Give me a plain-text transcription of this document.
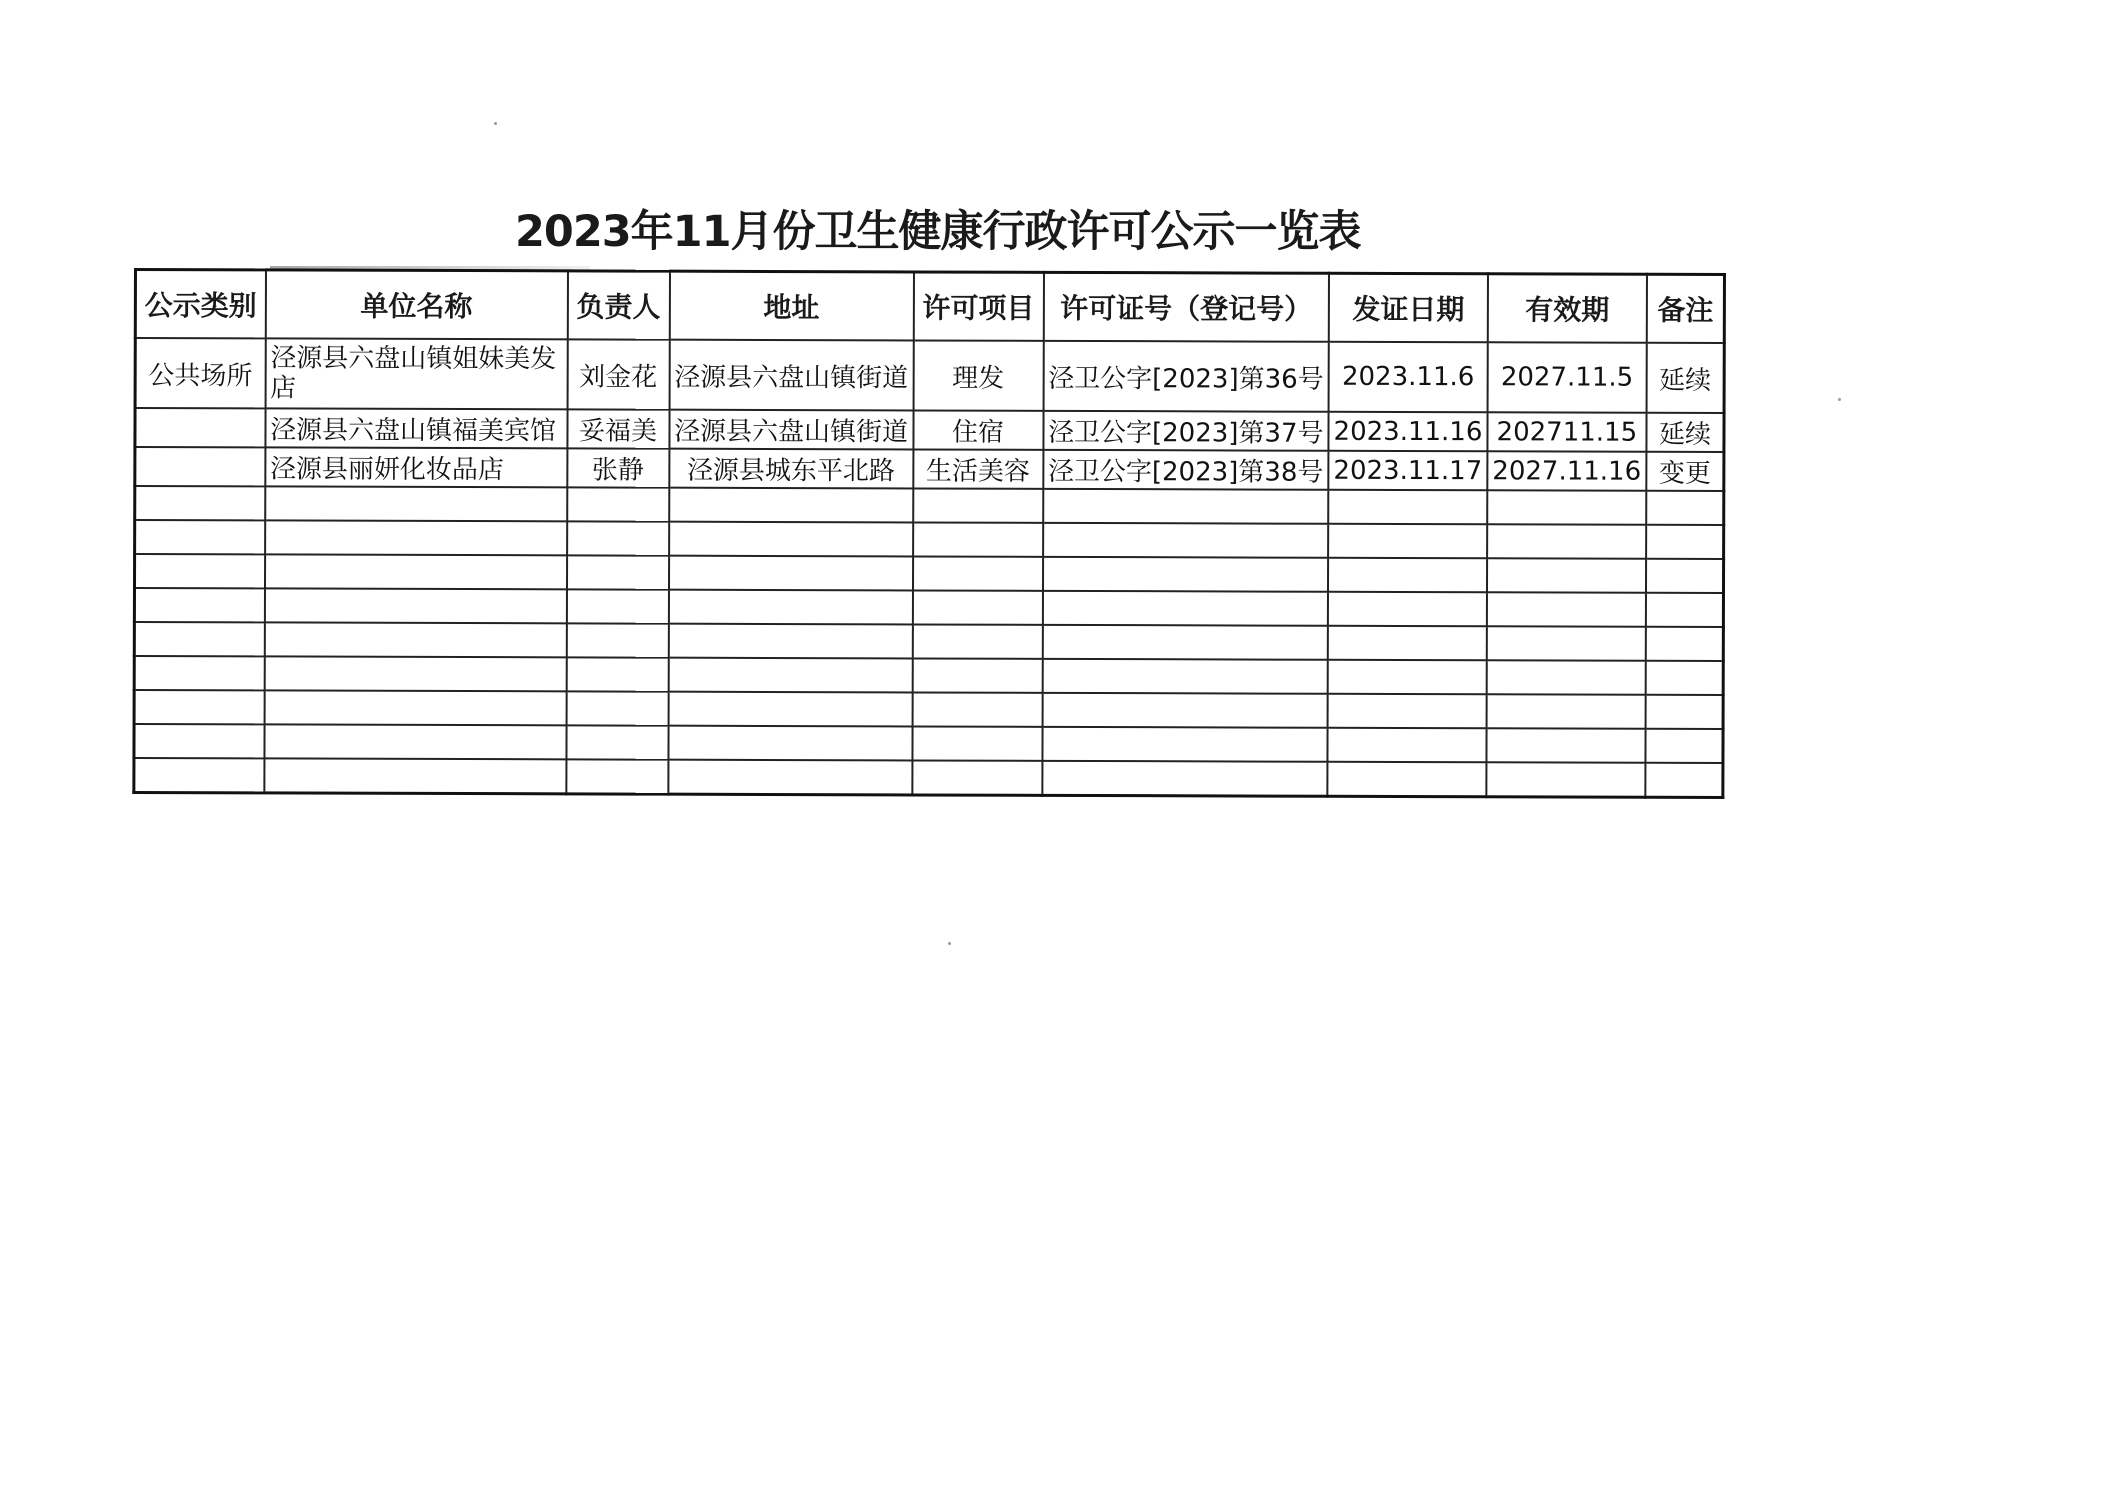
2023年11月份卫生健康行政许可公示一览表
公示类别	单位名称	负责人	地址	许可项目	许可证号（登记号）	发证日期	有效期	备注
公共场所	泾源县六盘山镇姐妹美发店	刘金花	泾源县六盘山镇街道	理发	泾卫公字[2023]第36号	2023.11.6	2027.11.5	延续
	泾源县六盘山镇福美宾馆	妥福美	泾源县六盘山镇街道	住宿	泾卫公字[2023]第37号	2023.11.16	202711.15	延续
	泾源县丽妍化妆品店	张静	泾源县城东平北路	生活美容	泾卫公字[2023]第38号	2023.11.17	2027.11.16	变更
